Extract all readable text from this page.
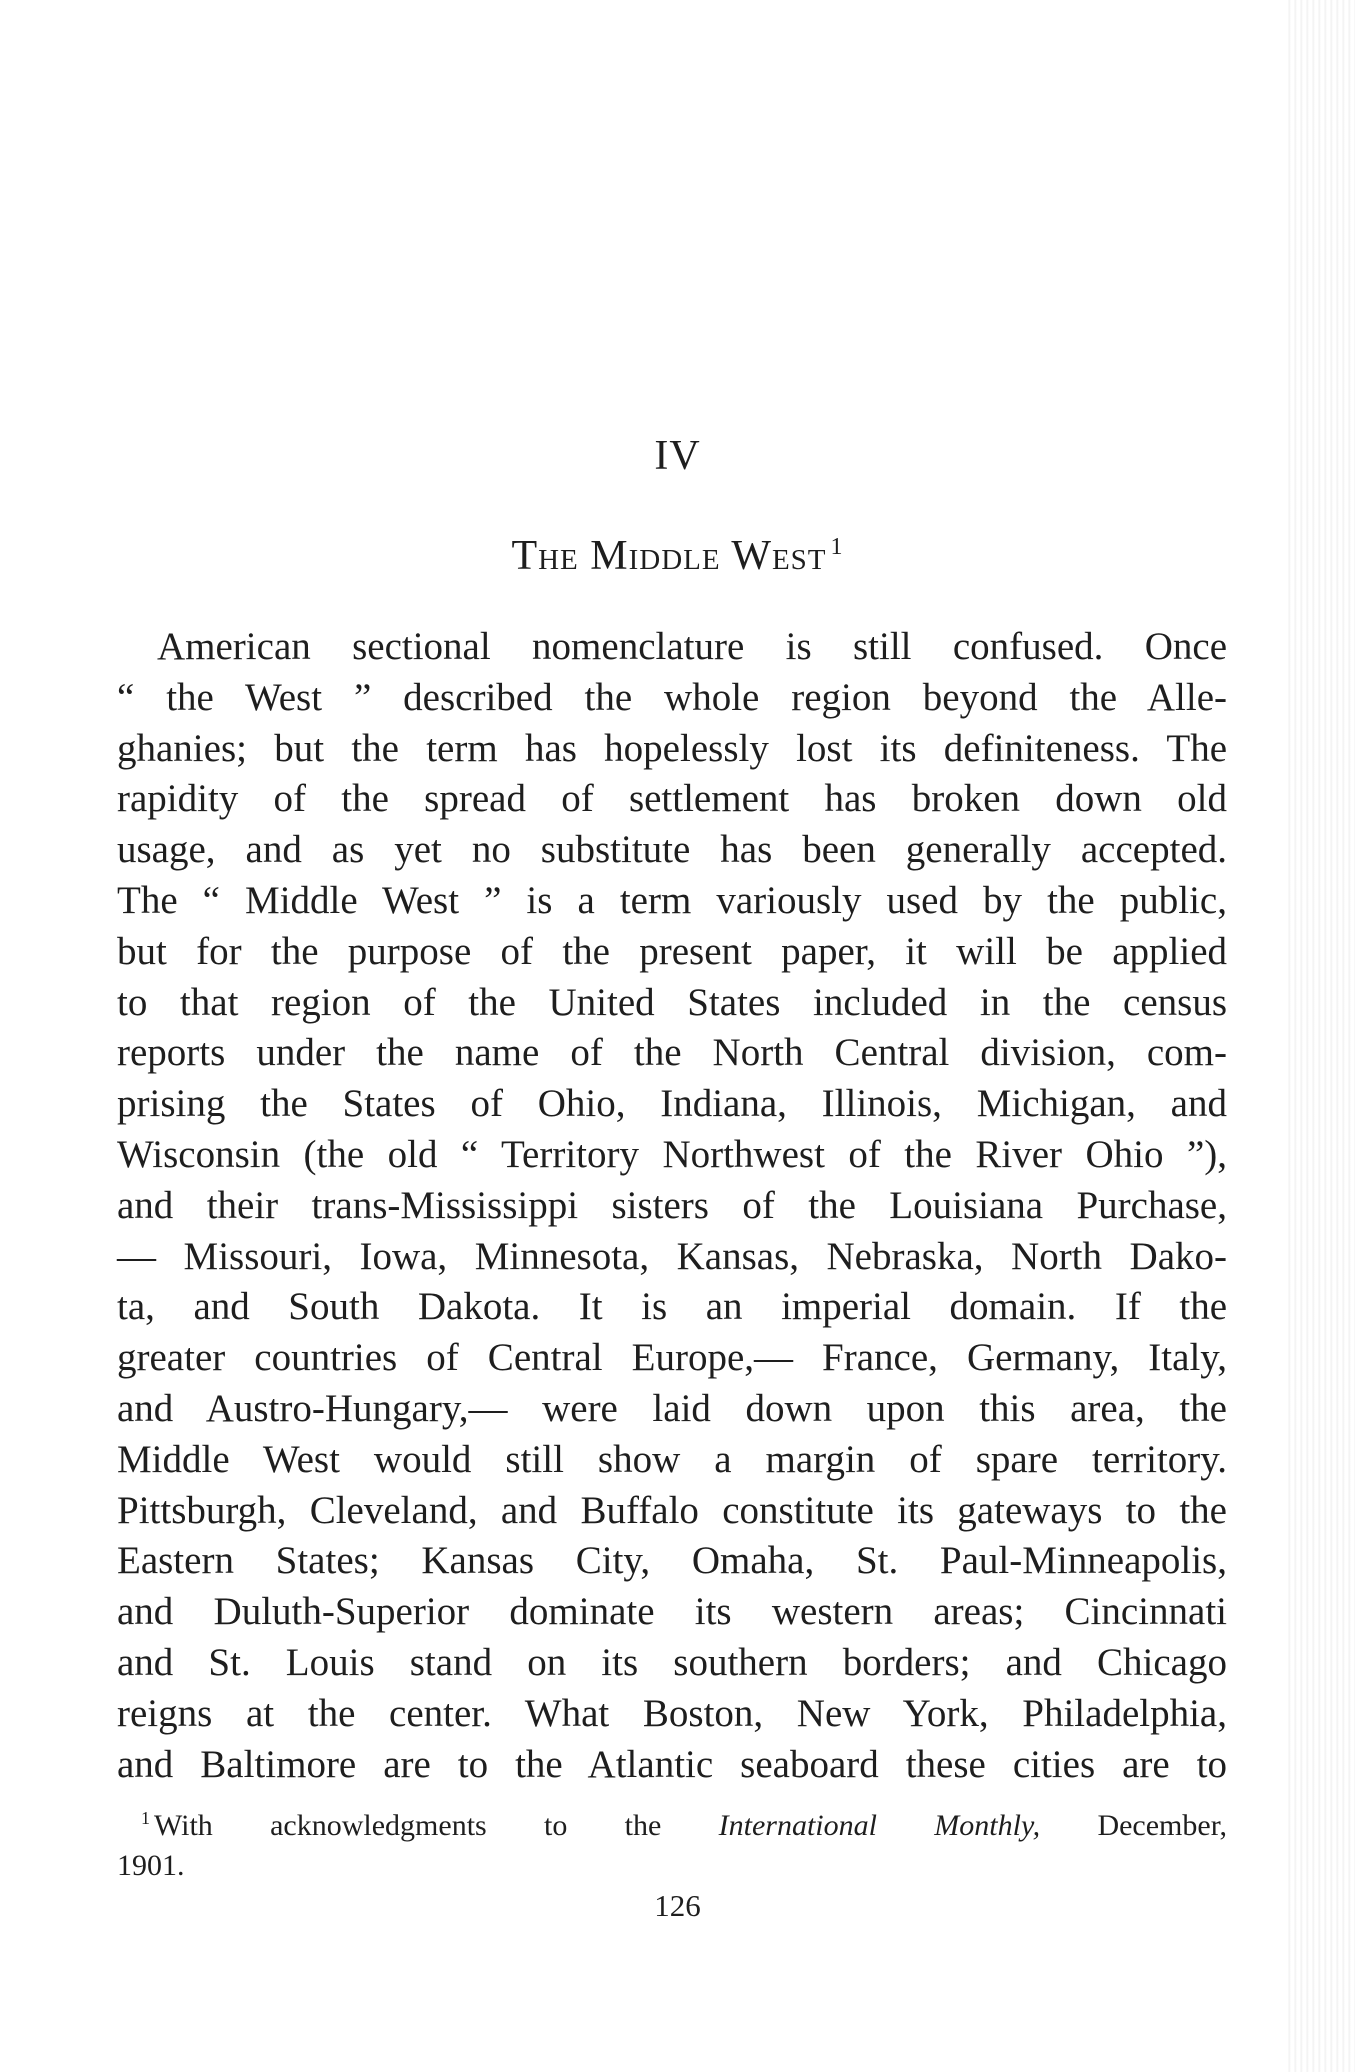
IV
The Middle West $^1$
American sectional nomenclature is still confused. Once
“ the West ” described the whole region beyond the Alle-
ghanies; but the term has hopelessly lost its definiteness. The
rapidity of the spread of settlement has broken down old
usage, and as yet no substitute has been generally accepted.
The “ Middle West ” is a term variously used by the public,
but for the purpose of the present paper, it will be applied
to that region of the United States included in the census
reports under the name of the North Central division, com-
prising the States of Ohio, Indiana, Illinois, Michigan, and
Wisconsin (the old “ Territory Northwest of the River Ohio ”),
and their trans-Mississippi sisters of the Louisiana Purchase,
— Missouri, Iowa, Minnesota, Kansas, Nebraska, North Dako-
ta, and South Dakota. It is an imperial domain. If the
greater countries of Central Europe,— France, Germany, Italy,
and Austro-Hungary,— were laid down upon this area, the
Middle West would still show a margin of spare territory.
Pittsburgh, Cleveland, and Buffalo constitute its gateways to the
Eastern States; Kansas City, Omaha, St. Paul-Minneapolis,
and Duluth-Superior dominate its western areas; Cincinnati
and St. Louis stand on its southern borders; and Chicago
reigns at the center. What Boston, New York, Philadelphia,
and Baltimore are to the Atlantic seaboard these cities are to
$^1$ With acknowledgments to the International Monthly, December,
1901.
126
